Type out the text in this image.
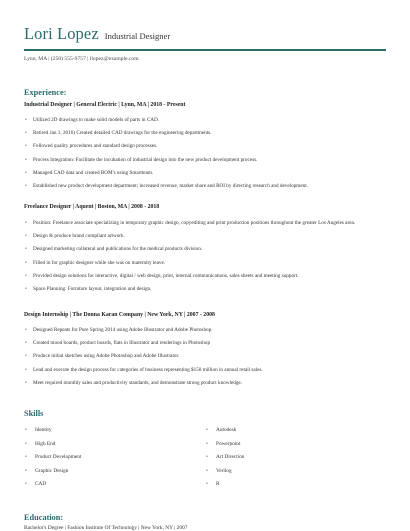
Lori Lopez Industrial Designer
Lynn, MA | (250) 555-9757 | llopez@example.com
Experience:
Industrial Designer | General Electric | Lynn, MA | 2018 - Present
• Utilized 2D drawings to make solid models of parts in CAD.
• Retired Jan 1, 2016) Created detailed CAD drawings for the engineering departments.
• Followed quality procedures and standard design processes.
• Process Integration: Facilitate the incubation of industrial design into the new product development process.
• Managed CAD data and created BOM's using Smartteam.
• Established new product development department; increased revenue, market share and ROI by directing research and development.
Freelance Designer | Aquent | Boston, MA | 2008 - 2018
• Position: Freelance associate specializing in temporary graphic design, copyediting and print production positions throughout the greater Los Angeles area.
• Design & produce brand compliant artwork.
• Designed marketing collateral and publications for the medical products division.
• Filled in for graphic designer while she was on maternity leave.
• Provided design solutions for interactive, digital / web design, print, internal communications, sales sheets and meeting support.
• Space Planning: Furniture layout, integration and design.
Design Internship | The Donna Karan Company | New York, NY | 2007 - 2008
• Designed Repeats for Pure Spring 2014 using Adobe Illustrator and Adobe Photoshop.
• Created mood boards, product boards, flats in Illustrator and renderings in Photoshop
• Produce initial sketches using Adobe Photoshop and Adobe Illustrator.
• Lead and execute the design process for categories of business representing $150 million in annual retail sales.
• Meet required monthly sales and productivity standards, and demonstrate strong product knowledge.
Skills
• Identity
• High End
• Product Development
• Graphic Design
• CAD
• Autodesk
• Powerpoint
• Art Direction
• Verilog
• R
Education:
Bachelor's Degree | Fashion Institute Of Technology | New York, NY | 2007
